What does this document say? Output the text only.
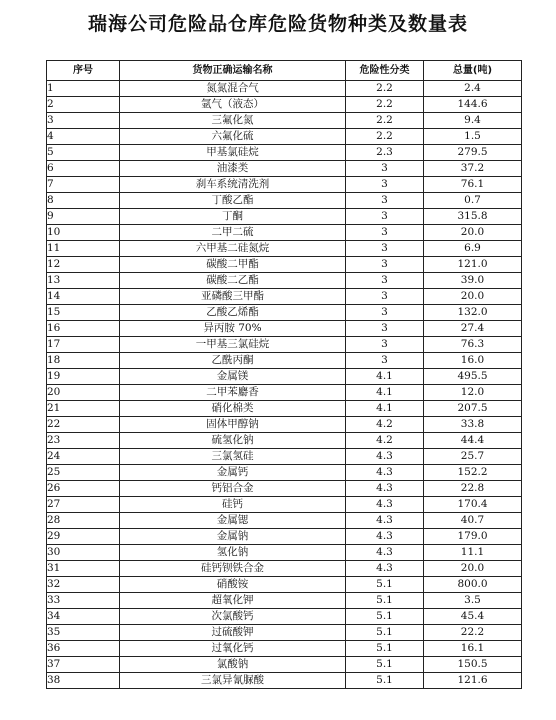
瑞海公司危险品仓库危险货物种类及数量表
序号	货物正确运输名称	危险性分类	总量(吨)
1	氮氮混合气	2.2	2.4
2	氩气（液态）	2.2	144.6
3	三氟化氮	2.2	9.4
4	六氟化硫	2.2	1.5
5	甲基氯硅烷	2.3	279.5
6	油漆类	3	37.2
7	刹车系统清洗剂	3	76.1
8	丁酸乙酯	3	0.7
9	丁酮	3	315.8
10	二甲二硫	3	20.0
11	六甲基二硅氮烷	3	6.9
12	碳酸二甲酯	3	121.0
13	碳酸二乙酯	3	39.0
14	亚磷酸三甲酯	3	20.0
15	乙酸乙烯酯	3	132.0
16	异丙胺 70%	3	27.4
17	一甲基三氯硅烷	3	76.3
18	乙酰丙酮	3	16.0
19	金属镁	4.1	495.5
20	二甲苯麝香	4.1	12.0
21	硝化棉类	4.1	207.5
22	固体甲醇钠	4.2	33.8
23	硫氢化钠	4.2	44.4
24	三氯氢硅	4.3	25.7
25	金属钙	4.3	152.2
26	钙铝合金	4.3	22.8
27	硅钙	4.3	170.4
28	金属锶	4.3	40.7
29	金属钠	4.3	179.0
30	氢化钠	4.3	11.1
31	硅钙钡铁合金	4.3	20.0
32	硝酸铵	5.1	800.0
33	超氧化钾	5.1	3.5
34	次氯酸钙	5.1	45.4
35	过硫酸钾	5.1	22.2
36	过氧化钙	5.1	16.1
37	氯酸钠	5.1	150.5
38	三氯异氰脲酸	5.1	121.6
